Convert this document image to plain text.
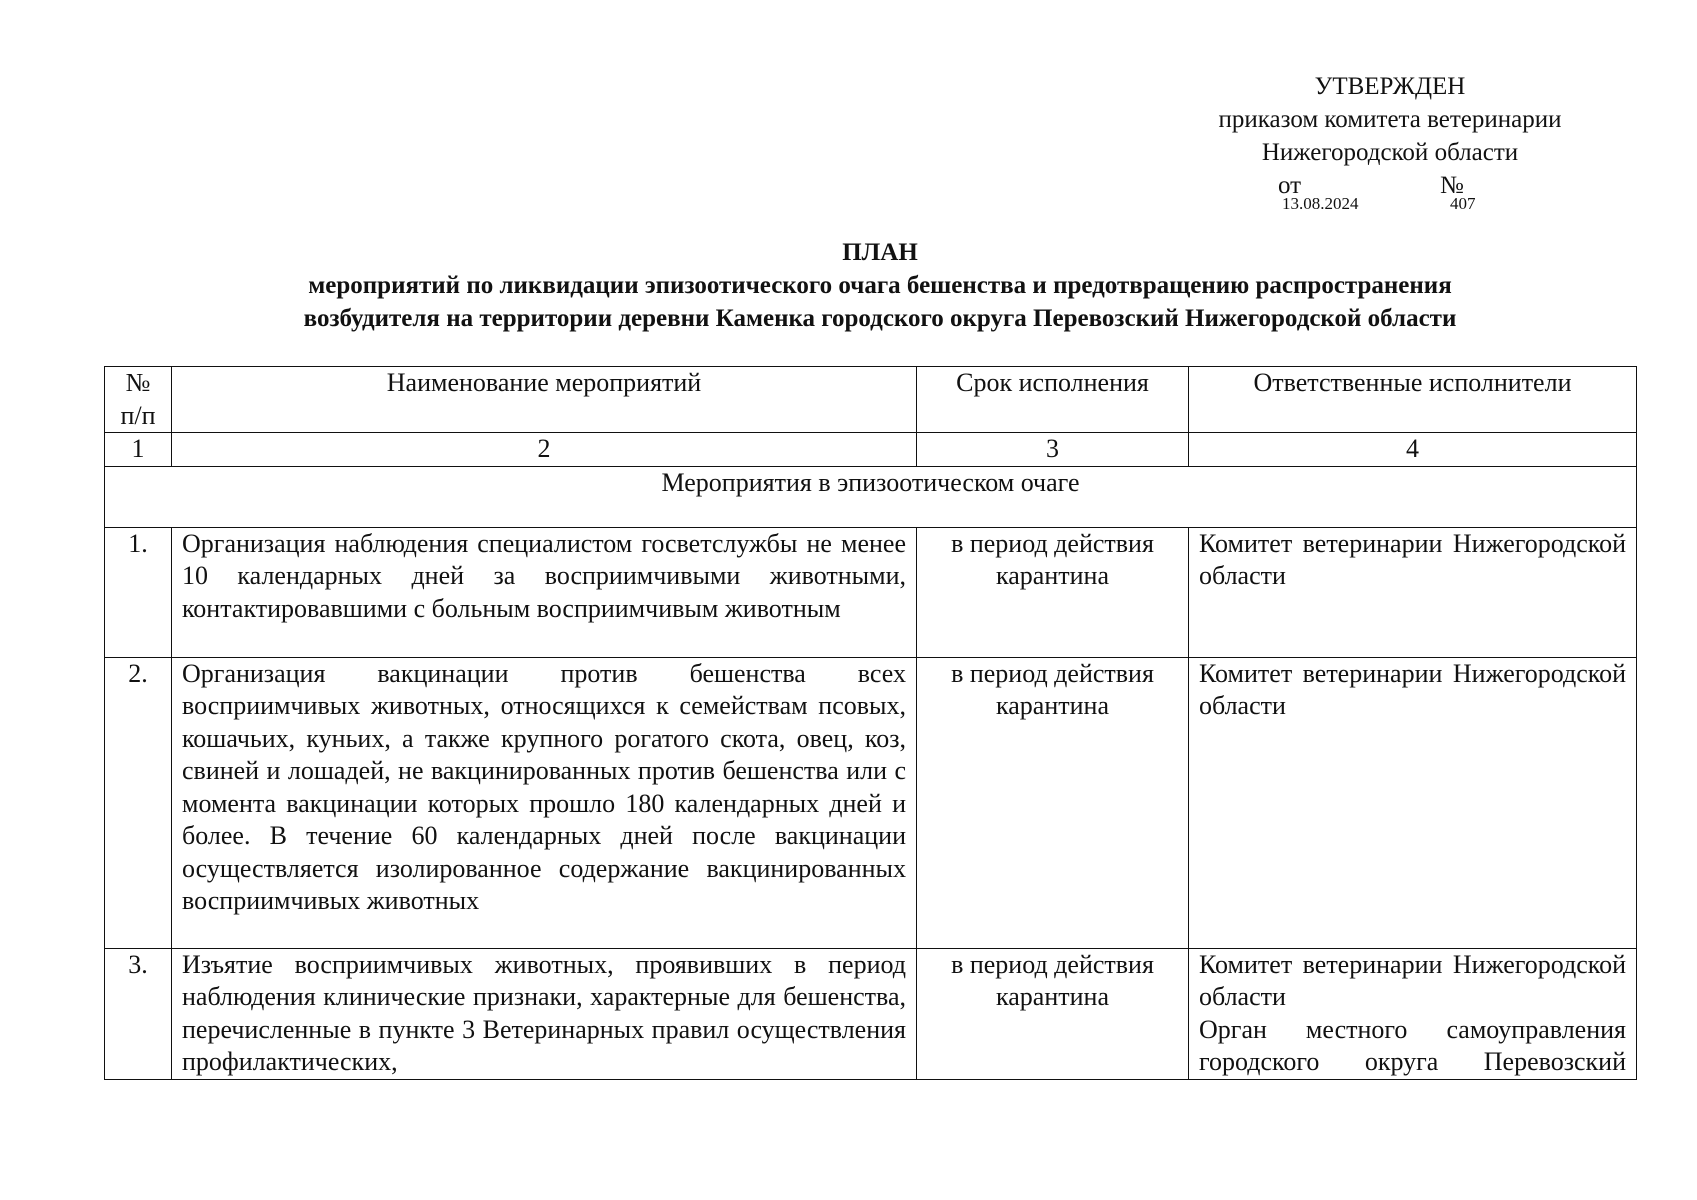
УТВЕРЖДЕН
приказом комитета ветеринарии
Нижегородской области
от
13.08.2024
№
407
ПЛАН
мероприятий по ликвидации эпизоотического очага бешенства и предотвращению распространения
возбудителя на территории деревни Каменка городского округа Перевозский Нижегородской области
№ п/п	Наименование мероприятий	Срок исполнения	Ответственные исполнители
1	2	3	4
Мероприятия в эпизоотическом очаге			
1.	Организация наблюдения специалистом госветслужбы не менее 10 календарных дней за восприимчивыми животными, контактировавшими с больным восприимчивым животным	в период действия карантина	Комитет ветеринарии Нижегородской области

2.	Организация вакцинации против бешенства всех восприимчивых животных, относящихся к семействам псовых, кошачьих, куньих, а также крупного рогатого скота, овец, коз, свиней и лошадей, не вакцинированных против бешенства или с момента вакцинации которых прошло 180 календарных дней и более. В течение 60 календарных дней после вакцинации осуществляется изолированное содержание вакцинированных восприимчивых животных	в период действия карантина	Комитет ветеринарии Нижегородской области

3.	Изъятие восприимчивых животных, проявивших в период наблюдения клинические признаки, характерные для бешенства, перечисленные в пункте 3 Ветеринарных правил осуществления профилактических,	в период действия карантина	Комитет ветеринарии Нижегородской области
Орган местного самоуправления городского округа Перевозский
